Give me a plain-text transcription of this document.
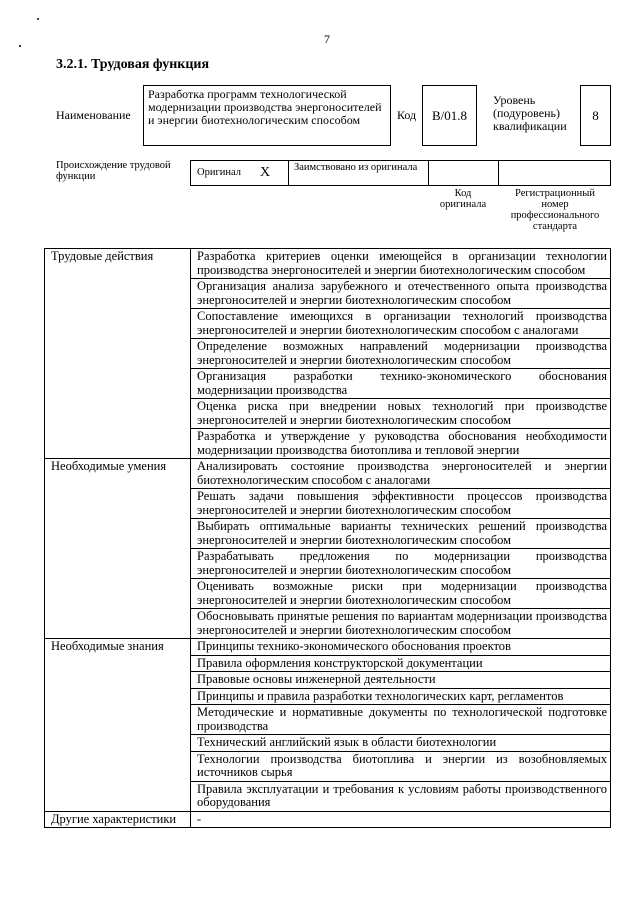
7
3.2.1. Трудовая функция
Наименование
Разработка программ технологической модернизации производства энергоносителей и энергии биотехнологическим способом	Код B/01.8
Уровень (подуровень) квалификации
8
Происхождение трудовой функции	Оригинал X Заимствовано из оригинала
Код оригинала
Регистрационный номер профессионального стандарта
Трудовые действия	Разработка критериев оценки имеющейся в организации технологии производства энергоносителей и энергии биотехнологическим способом
	Организация анализа зарубежного и отечественного опыта производства энергоносителей и энергии биотехнологическим способом
	Сопоставление имеющихся в организации технологий производства энергоносителей и энергии биотехнологическим способом с аналогами
	Определение возможных направлений модернизации производства энергоносителей и энергии биотехнологическим способом
	Организация разработки технико-экономического обоснования модернизации производства
	Оценка риска при внедрении новых технологий при производстве энергоносителей и энергии биотехнологическим способом
	Разработка и утверждение у руководства обоснования необходимости модернизации производства биотоплива и тепловой энергии
Необходимые умения	Анализировать состояние производства энергоносителей и энергии биотехнологическим способом с аналогами
	Решать задачи повышения эффективности процессов производства энергоносителей и энергии биотехнологическим способом
	Выбирать оптимальные варианты технических решений производства энергоносителей и энергии биотехнологическим способом
	Разрабатывать предложения по модернизации производства энергоносителей и энергии биотехнологическим способом
	Оценивать возможные риски при модернизации производства энергоносителей и энергии биотехнологическим способом
	Обосновывать принятые решения по вариантам модернизации производства энергоносителей и энергии биотехнологическим способом
Необходимые знания	Принципы технико-экономического обоснования проектов
	Правила оформления конструкторской документации
	Правовые основы инженерной деятельности
	Принципы и правила разработки технологических карт, регламентов
	Методические и нормативные документы по технологической подготовке производства
	Технический английский язык в области биотехнологии
	Технологии производства биотоплива и энергии из возобновляемых источников сырья
	Правила эксплуатации и требования к условиям работы производственного оборудования
Другие характеристики	-
